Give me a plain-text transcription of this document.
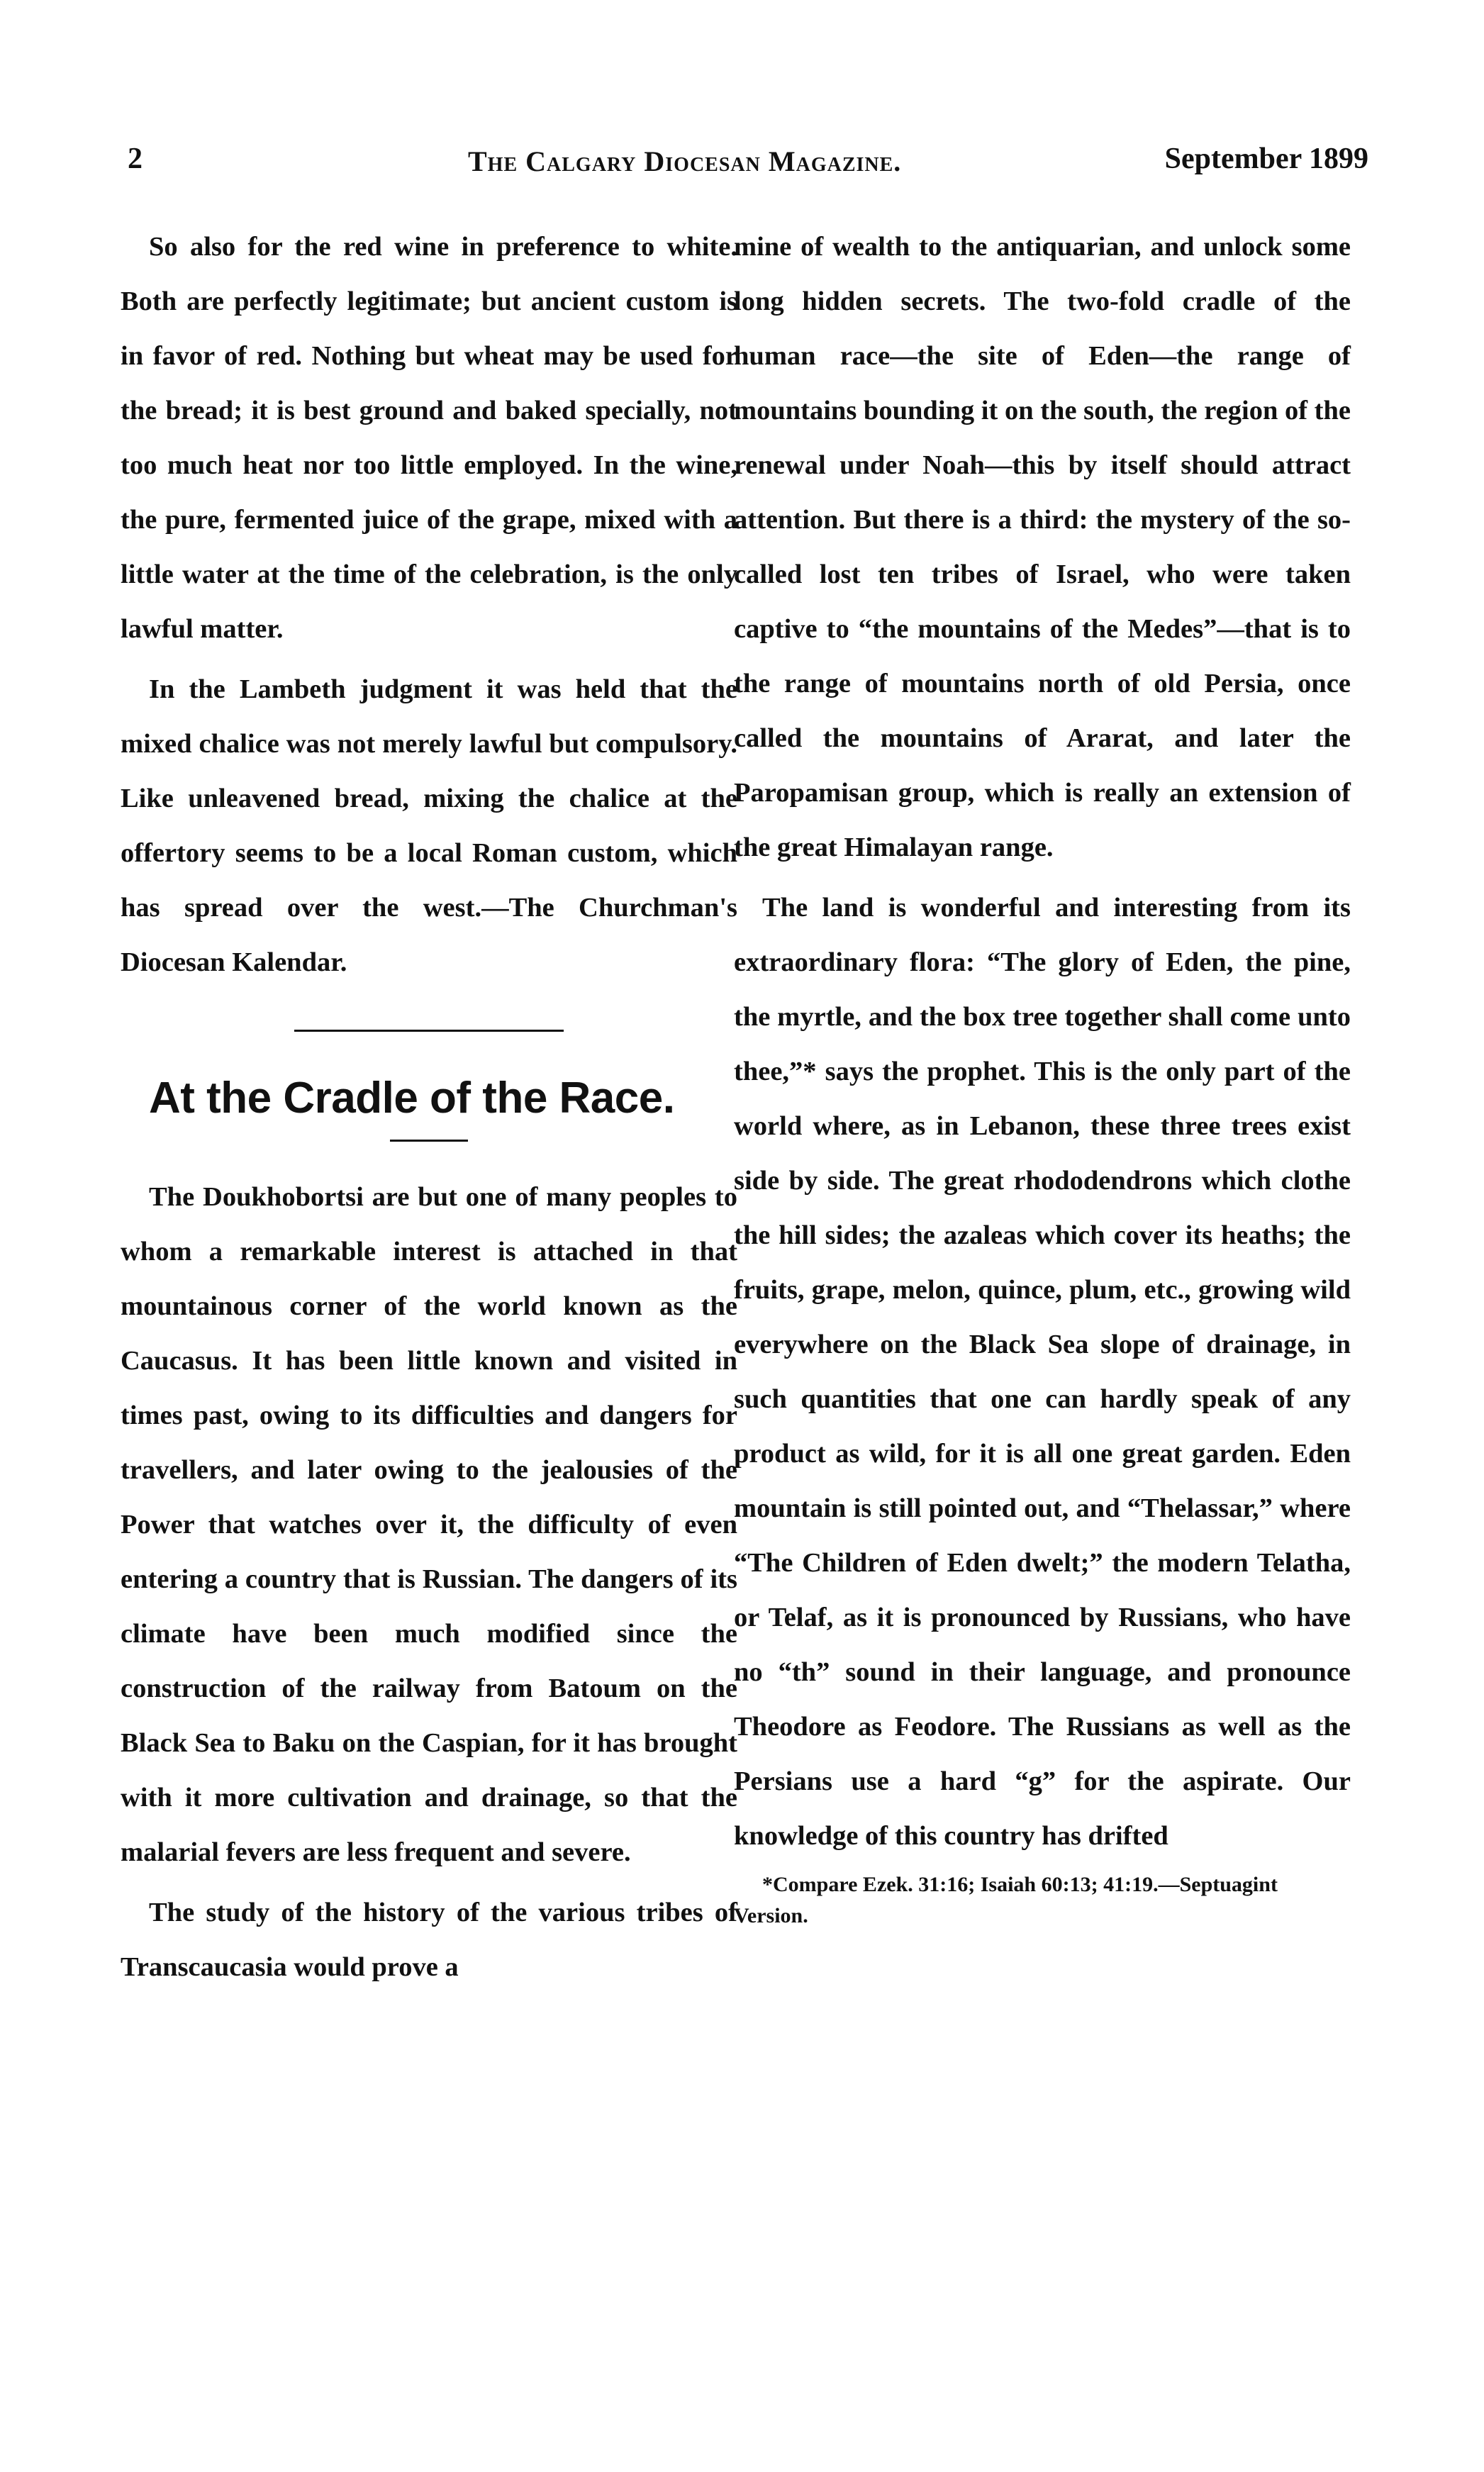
2	The Calgary Diocesan Magazine.	September 1899

So also for the red wine in preference to white. Both are perfectly legitimate; but ancient custom is in favor of red. Nothing but wheat may be used for the bread; it is best ground and baked specially, not too much heat nor too little employed. In the wine, the pure, fermented juice of the grape, mixed with a little water at the time of the celebration, is the only lawful matter.

In the Lambeth judgment it was held that the mixed chalice was not merely lawful but compulsory. Like unleavened bread, mixing the chalice at the offertory seems to be a local Roman custom, which has spread over the west.—The Churchman's Diocesan Kalendar.

At the Cradle of the Race.

The Doukhobortsi are but one of many peoples to whom a remarkable interest is attached in that mountainous corner of the world known as the Caucasus. It has been little known and visited in times past, owing to its difficulties and dangers for travellers, and later owing to the jealousies of the Power that watches over it, the difficulty of even entering a country that is Russian. The dangers of its climate have been much modified since the construction of the railway from Batoum on the Black Sea to Baku on the Caspian, for it has brought with it more cultivation and drainage, so that the malarial fevers are less frequent and severe.

The study of the history of the various tribes of Transcaucasia would prove a

mine of wealth to the antiquarian, and unlock some long hidden secrets. The two-fold cradle of the human race—the site of Eden—the range of mountains bounding it on the south, the region of the renewal under Noah—this by itself should attract attention. But there is a third: the mystery of the so-called lost ten tribes of Israel, who were taken captive to “the mountains of the Medes”—that is to the range of mountains north of old Persia, once called the mountains of Ararat, and later the Paropamisan group, which is really an extension of the great Himalayan range.

The land is wonderful and interesting from its extraordinary flora: “The glory of Eden, the pine, the myrtle, and the box tree together shall come unto thee,”* says the prophet. This is the only part of the world where, as in Lebanon, these three trees exist side by side. The great rhododendrons which clothe the hill sides; the azaleas which cover its heaths; the fruits, grape, melon, quince, plum, etc., growing wild everywhere on the Black Sea slope of drainage, in such quantities that one can hardly speak of any product as wild, for it is all one great garden. Eden mountain is still pointed out, and “Thelassar,” where “The Children of Eden dwelt;” the modern Telatha, or Telaf, as it is pronounced by Russians, who have no “th” sound in their language, and pronounce Theodore as Feodore. The Russians as well as the Persians use a hard “g” for the aspirate. Our knowledge of this country has drifted

*Compare Ezek. 31:16; Isaiah 60:13; 41:19.—Septuagint Version.
